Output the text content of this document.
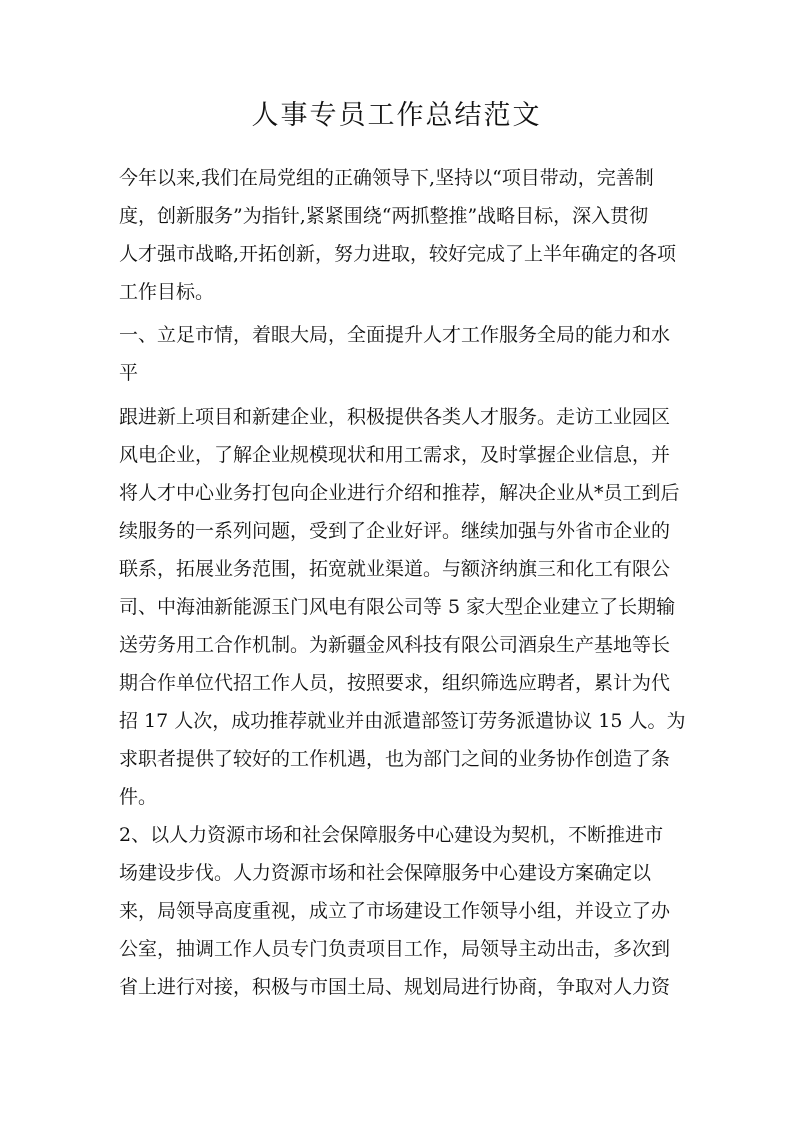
人事专员工作总结范文

今年以来,我们在局党组的正确领导下,坚持以“项目带动，完善制
度，创新服务”为指针,紧紧围绕“两抓整推”战略目标，深入贯彻
人才强市战略,开拓创新，努力进取，较好完成了上半年确定的各项
工作目标。

一、立足市情，着眼大局，全面提升人才工作服务全局的能力和水
平

跟进新上项目和新建企业，积极提供各类人才服务。走访工业园区
风电企业，了解企业规模现状和用工需求，及时掌握企业信息，并
将人才中心业务打包向企业进行介绍和推荐，解决企业从*员工到后
续服务的一系列问题，受到了企业好评。继续加强与外省市企业的
联系，拓展业务范围，拓宽就业渠道。与额济纳旗三和化工有限公
司、中海油新能源玉门风电有限公司等 5 家大型企业建立了长期输
送劳务用工合作机制。为新疆金风科技有限公司酒泉生产基地等长
期合作单位代招工作人员，按照要求，组织筛选应聘者，累计为代
招 17 人次，成功推荐就业并由派遣部签订劳务派遣协议 15 人。为
求职者提供了较好的工作机遇，也为部门之间的业务协作创造了条
件。

2、以人力资源市场和社会保障服务中心建设为契机，不断推进市
场建设步伐。人力资源市场和社会保障服务中心建设方案确定以
来，局领导高度重视，成立了市场建设工作领导小组，并设立了办
公室，抽调工作人员专门负责项目工作，局领导主动出击，多次到
省上进行对接，积极与市国土局、规划局进行协商，争取对人力资
